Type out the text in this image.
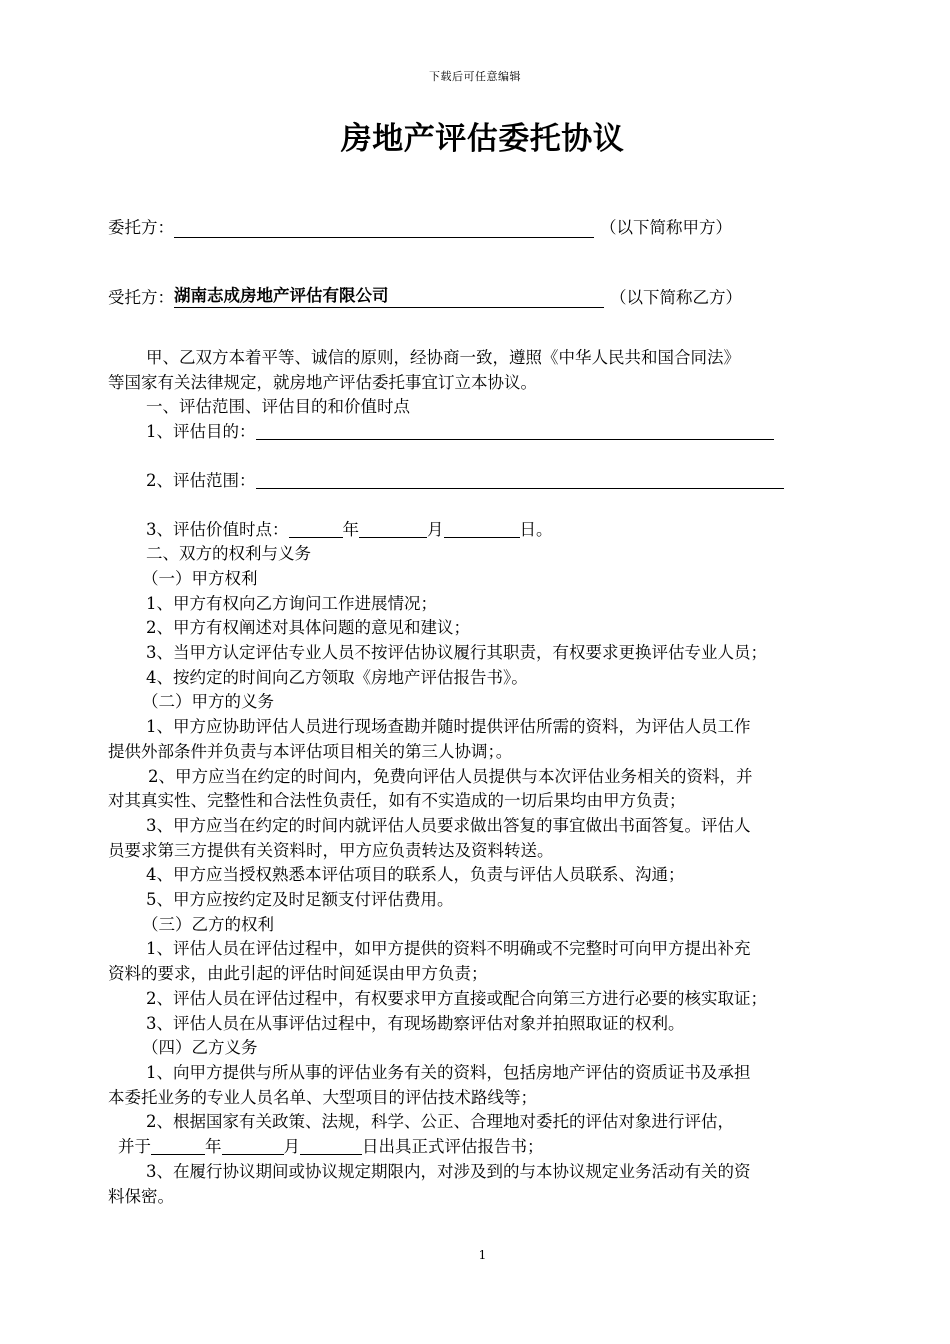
下载后可任意编辑
房地产评估委托协议
委托方：	（以下简称甲方）
受托方： 湖南志成房地产评估有限公司	（以下简称乙方）

甲、乙双方本着平等、诚信的原则，经协商一致，遵照《中华人民共和国合同法》

等国家有关法律规定，就房地产评估委托事宜订立本协议。

一、评估范围、评估目的和价值时点

1、评估目的：

2、评估范围：

3、评估价值时点：	年	月	日。

二、双方的权利与义务

（一）甲方权利

1、甲方有权向乙方询问工作进展情况；

2、甲方有权阐述对具体问题的意见和建议；

3、当甲方认定评估专业人员不按评估协议履行其职责，有权要求更换评估专业人员；

4、按约定的时间向乙方领取《房地产评估报告书》。

（二）甲方的义务

1、甲方应协助评估人员进行现场查勘并随时提供评估所需的资料，为评估人员工作

提供外部条件并负责与本评估项目相关的第三人协调；。

2、甲方应当在约定的时间内，免费向评估人员提供与本次评估业务相关的资料，并

对其真实性、完整性和合法性负责任，如有不实造成的一切后果均由甲方负责；

3、甲方应当在约定的时间内就评估人员要求做出答复的事宜做出书面答复。评估人

员要求第三方提供有关资料时，甲方应负责转达及资料转送。

4、甲方应当授权熟悉本评估项目的联系人，负责与评估人员联系、沟通；

5、甲方应按约定及时足额支付评估费用。

（三）乙方的权利

1、评估人员在评估过程中，如甲方提供的资料不明确或不完整时可向甲方提出补充

资料的要求，由此引起的评估时间延误由甲方负责；

2、评估人员在评估过程中，有权要求甲方直接或配合向第三方进行必要的核实取证；

3、评估人员在从事评估过程中，有现场勘察评估对象并拍照取证的权利。

（四）乙方义务

1、向甲方提供与所从事的评估业务有关的资料，包括房地产评估的资质证书及承担

本委托业务的专业人员名单、大型项目的评估技术路线等；

2、根据国家有关政策、法规，科学、公正、合理地对委托的评估对象进行评估，

并于	年	月	日出具正式评估报告书；

3、在履行协议期间或协议规定期限内，对涉及到的与本协议规定业务活动有关的资

料保密。

1
